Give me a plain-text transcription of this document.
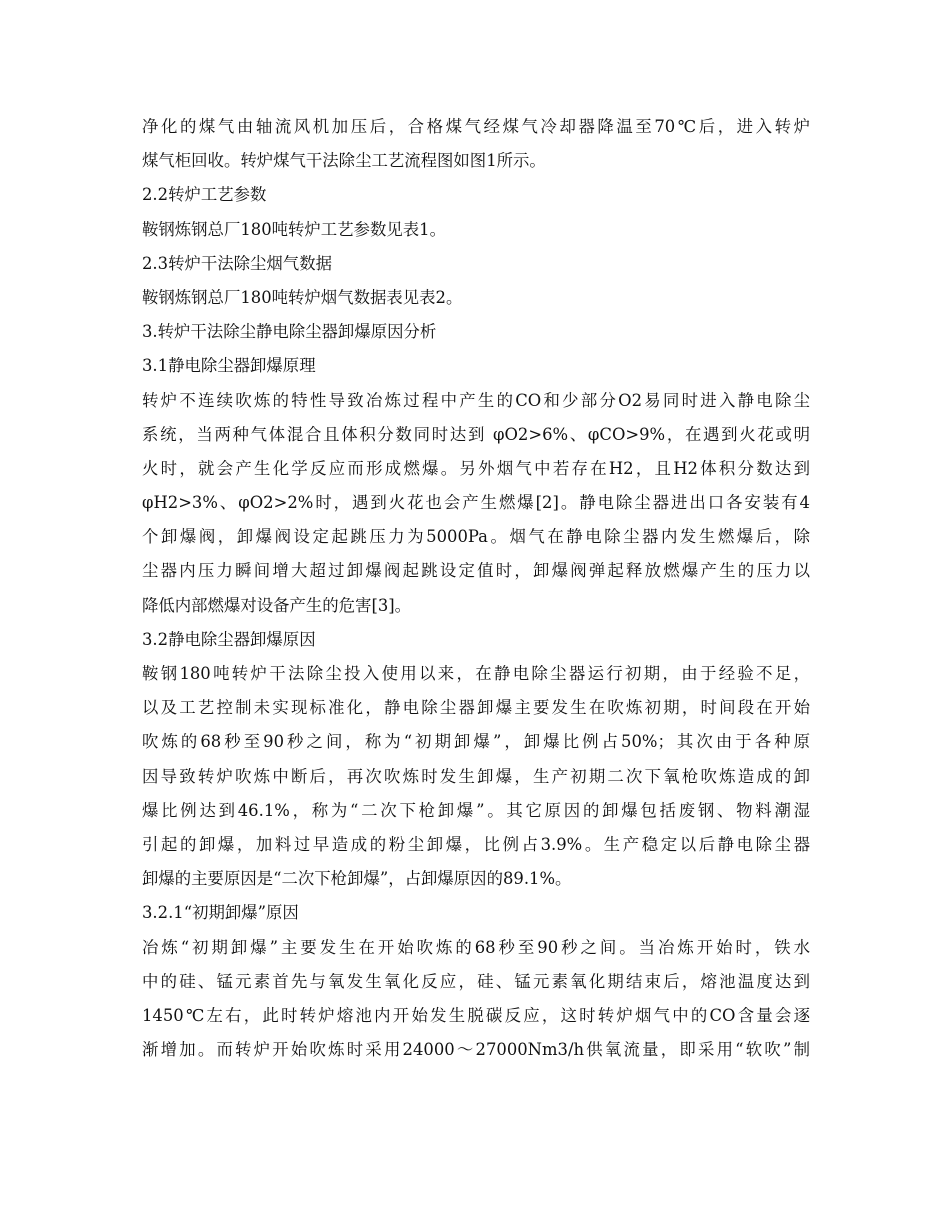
净化的煤气由轴流风机加压后，合格煤气经煤气冷却器降温至70℃后，进入转炉
煤气柜回收。转炉煤气干法除尘工艺流程图如图1所示。
2.2转炉工艺参数
鞍钢炼钢总厂180吨转炉工艺参数见表1。
2.3转炉干法除尘烟气数据
鞍钢炼钢总厂180吨转炉烟气数据表见表2。
3.转炉干法除尘静电除尘器卸爆原因分析
3.1静电除尘器卸爆原理
转炉不连续吹炼的特性导致冶炼过程中产生的CO和少部分O2易同时进入静电除尘
系统，当两种气体混合且体积分数同时达到 φO2>6%、φCO>9%，在遇到火花或明
火时，就会产生化学反应而形成燃爆。另外烟气中若存在H2，且H2体积分数达到
φH2>3%、φO2>2%时，遇到火花也会产生燃爆[2]。静电除尘器进出口各安装有4
个卸爆阀，卸爆阀设定起跳压力为5000Pa。烟气在静电除尘器内发生燃爆后，除
尘器内压力瞬间增大超过卸爆阀起跳设定值时，卸爆阀弹起释放燃爆产生的压力以
降低内部燃爆对设备产生的危害[3]。
3.2静电除尘器卸爆原因
鞍钢180吨转炉干法除尘投入使用以来，在静电除尘器运行初期，由于经验不足，
以及工艺控制未实现标准化，静电除尘器卸爆主要发生在吹炼初期，时间段在开始
吹炼的68秒至90秒之间，称为“初期卸爆”，卸爆比例占50%；其次由于各种原
因导致转炉吹炼中断后，再次吹炼时发生卸爆，生产初期二次下氧枪吹炼造成的卸
爆比例达到46.1%，称为“二次下枪卸爆”。其它原因的卸爆包括废钢、物料潮湿
引起的卸爆，加料过早造成的粉尘卸爆，比例占3.9%。生产稳定以后静电除尘器
卸爆的主要原因是“二次下枪卸爆”，占卸爆原因的89.1%。
3.2.1“初期卸爆”原因
冶炼“初期卸爆”主要发生在开始吹炼的68秒至90秒之间。当冶炼开始时，铁水
中的硅、锰元素首先与氧发生氧化反应，硅、锰元素氧化期结束后，熔池温度达到
1450℃左右，此时转炉熔池内开始发生脱碳反应，这时转炉烟气中的CO含量会逐
渐增加。而转炉开始吹炼时采用24000～27000Nm3/h供氧流量，即采用“软吹”制
